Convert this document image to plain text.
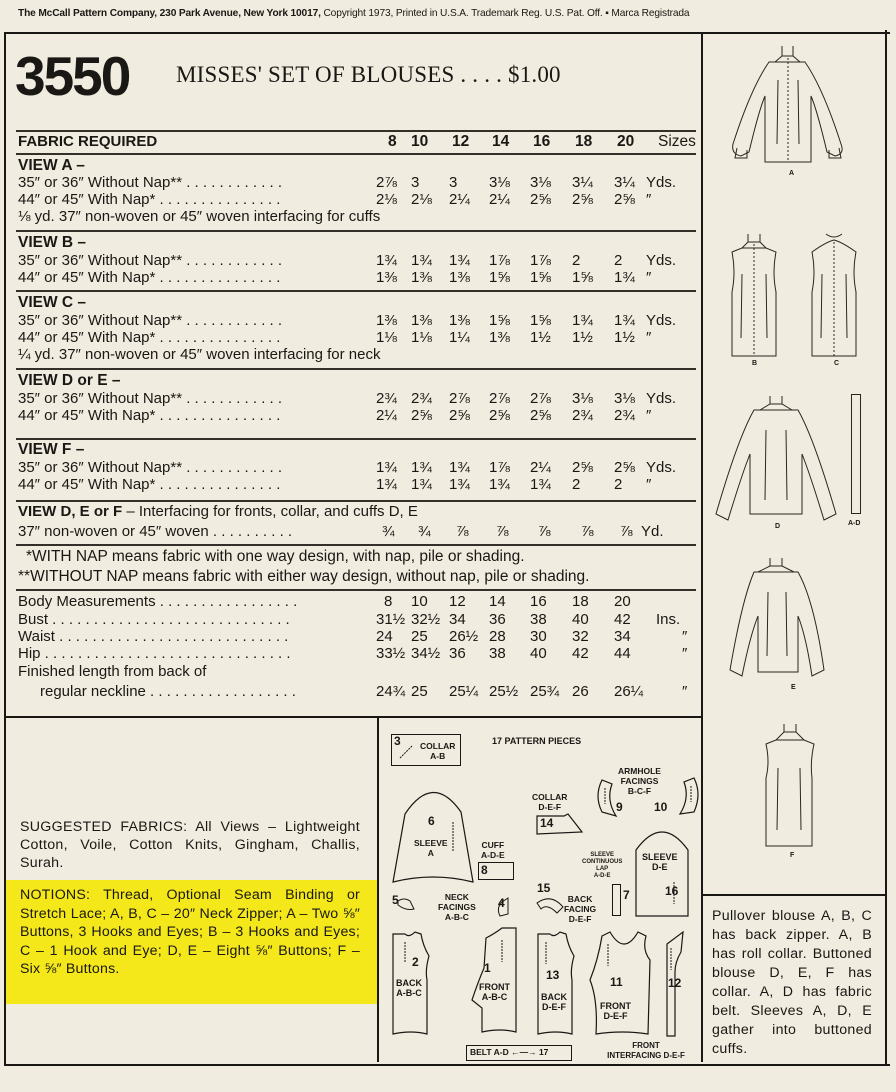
The McCall Pattern Company, 230 Park Avenue, New York 10017, Copyright 1973, Printed in U.S.A. Trademark Reg. U.S. Pat. Off. ▪ Marca Registrada
3550 MISSES' SET OF BLOUSES . . . . $1.00
FABRIC REQUIRED	8 10 12 14 16 18 20 Sizes
VIEW A –
35″ or 36″ Without Nap** . . . . . . . . . . . .	2⅞ 3 3 3⅛ 3⅛ 3¼ 3¼ Yds.
44″ or 45″ With Nap* . . . . . . . . . . . . . . .	2⅛ 2⅛ 2¼ 2¼ 2⅝ 2⅝ 2⅝ ″
⅛ yd. 37″ non-woven or 45″ woven interfacing for cuffs
VIEW B –
35″ or 36″ Without Nap** . . . . . . . . . . . .	1¾ 1¾ 1¾ 1⅞ 1⅞ 2 2 Yds.
44″ or 45″ With Nap* . . . . . . . . . . . . . . .	1⅜ 1⅜ 1⅜ 1⅝ 1⅝ 1⅝ 1¾ ″
VIEW C –
35″ or 36″ Without Nap** . . . . . . . . . . . .	1⅜ 1⅜ 1⅜ 1⅝ 1⅝ 1¾ 1¾ Yds.
44″ or 45″ With Nap* . . . . . . . . . . . . . . .	1⅛ 1⅛ 1¼ 1⅜ 1½ 1½ 1½ ″
¼ yd. 37″ non-woven or 45″ woven interfacing for neck
VIEW D or E –
35″ or 36″ Without Nap** . . . . . . . . . . . .	2¾ 2¾ 2⅞ 2⅞ 2⅞ 3⅛ 3⅛ Yds.
44″ or 45″ With Nap* . . . . . . . . . . . . . . .	2¼ 2⅝ 2⅝ 2⅝ 2⅝ 2¾ 2¾ ″
VIEW F –
35″ or 36″ Without Nap** . . . . . . . . . . . .	1¾ 1¾ 1¾ 1⅞ 2¼ 2⅝ 2⅝ Yds.
44″ or 45″ With Nap* . . . . . . . . . . . . . . .	1¾ 1¾ 1¾ 1¾ 1¾ 2 2 ″
VIEW D, E or F – Interfacing for fronts, collar, and cuffs D, E
37″ non-woven or 45″ woven . . . . . . . . . .	¾ ¾ ⅞ ⅞ ⅞ ⅞ ⅞ Yd.
*WITH NAP means fabric with one way design, with nap, pile or shading.
**WITHOUT NAP means fabric with either way design, without nap, pile or shading.
Body Measurements . . . . . . . . . . . . . . . . .	8 10 12 14 16 18 20
Bust . . . . . . . . . . . . . . . . . . . . . . . . . . . . .	31½ 32½ 34 36 38 40 42 Ins.
Waist . . . . . . . . . . . . . . . . . . . . . . . . . . . .	24 25 26½ 28 30 32 34	″
Hip . . . . . . . . . . . . . . . . . . . . . . . . . . . . . .	33½ 34½ 36 38 40 42 44	″
Finished length from back of
regular neckline . . . . . . . . . . . . . . . . . .	24¾ 25 25¼ 25½ 25¾ 26 26¼	″
SUGGESTED FABRICS: All Views – Lightweight Cotton, Voile, Cotton Knits, Gingham, Challis, Surah.
NOTIONS: Thread, Optional Seam Binding or Stretch Lace; A, B, C – 20″ Neck Zipper; A – Two ⅝″ Buttons, 3 Hooks and Eyes; B – 3 Hooks and Eyes; C – 1 Hook and Eye; D, E – Eight ⅝″ Buttons; F – Six ⅝″ Buttons.
17 PATTERN PIECES
3 COLLAR
A-B
ARMHOLE
FACINGS
B-C-F
9	10
COLLAR
D-E-F
14
6
SLEEVE
A
CUFF
A-D-E
8
SLEEVE
CONTINUOUS
LAP
A-D-E
7
SLEEVE
D-E
16
5	NECK
FACINGS
A-B-C
4
15
BACK
FACING
D-E-F
2
BACK
A-B-C
1
FRONT
A-B-C
13
BACK
D-E-F
11
FRONT
D-E-F
12
BELT A-D ←—→ 17
FRONT
INTERFACING D-E-F
A
B	C
D	A-D
E
F
Pullover blouse A, B, C has back zipper. A, B has roll collar. Buttoned blouse D, E, F has collar. A, D has fabric belt. Sleeves A, D, E gather into buttoned cuffs.
